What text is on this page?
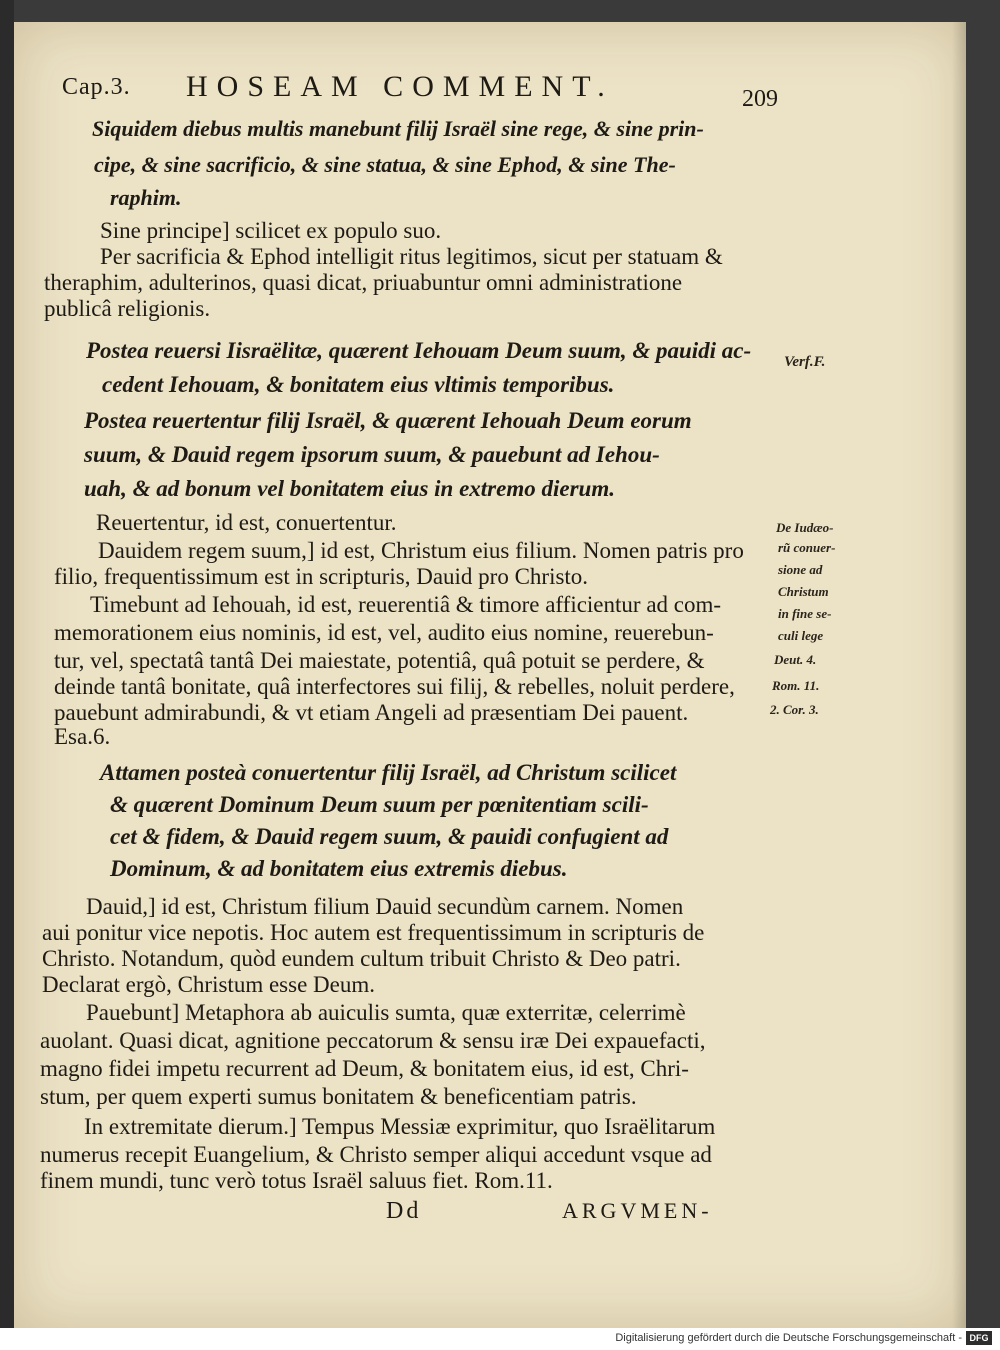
Cap.3. HOSEAM COMMENT.	209

Siquidem diebus multis manebunt filij Israël sine rege, & sine prin-

cipe, & sine sacrificio, & sine statua, & sine Ephod, & sine The-

raphim.

Sine principe] scilicet ex populo suo.

Per sacrificia & Ephod intelligit ritus legitimos, sicut per statuam &

theraphim, adulterinos, quasi dicat, priuabuntur omni administratione

publicâ religionis.

Postea reuersi Iisraëlitæ, quærent Iehouam Deum suum, & pauidi ac-

cedent Iehouam, & bonitatem eius vltimis temporibus.

Postea reuertentur filij Israël, & quærent Iehouah Deum eorum

suum, & Dauid regem ipsorum suum, & pauebunt ad Iehou-

uah, & ad bonum vel bonitatem eius in extremo dierum.

Reuertentur, id est, conuertentur.

Dauidem regem suum,] id est, Christum eius filium. Nomen patris pro

filio, frequentissimum est in scripturis, Dauid pro Christo.

Timebunt ad Iehouah, id est, reuerentiâ & timore afficientur ad com-

memorationem eius nominis, id est, vel, audito eius nomine, reuerebun-

tur, vel, spectatâ tantâ Dei maiestate, potentiâ, quâ potuit se perdere, &

deinde tantâ bonitate, quâ interfectores sui filij, & rebelles, noluit perdere,

pauebunt admirabundi, & vt etiam Angeli ad præsentiam Dei pauent.

Esa.6.

Attamen posteà conuertentur filij Israël, ad Christum scilicet

& quærent Dominum Deum suum per pœnitentiam scili-

cet & fidem, & Dauid regem suum, & pauidi confugient ad

Dominum, & ad bonitatem eius extremis diebus.

Dauid,] id est, Christum filium Dauid secundùm carnem. Nomen

aui ponitur vice nepotis. Hoc autem est frequentissimum in scripturis de

Christo. Notandum, quòd eundem cultum tribuit Christo & Deo patri.

Declarat ergò, Christum esse Deum.

Pauebunt] Metaphora ab auiculis sumta, quæ exterritæ, celerrimè

auolant. Quasi dicat, agnitione peccatorum & sensu iræ Dei expauefacti,

magno fidei impetu recurrent ad Deum, & bonitatem eius, id est, Chri-

stum, per quem experti sumus bonitatem & beneficentiam patris.

In extremitate dierum.] Tempus Messiæ exprimitur, quo Israëlitarum

numerus recepit Euangelium, & Christo semper aliqui accedunt vsque ad

finem mundi, tunc verò totus Israël saluus fiet. Rom.11.

Dd	ARGVMEN-

Verf.F.

De Iudæo-

rũ conuer-

sione ad

Christum

in fine se-

culi lege

Deut. 4.

Rom. 11.

2. Cor. 3.

Digitalisierung gefördert durch die Deutsche Forschungsgemeinschaft - DFG
